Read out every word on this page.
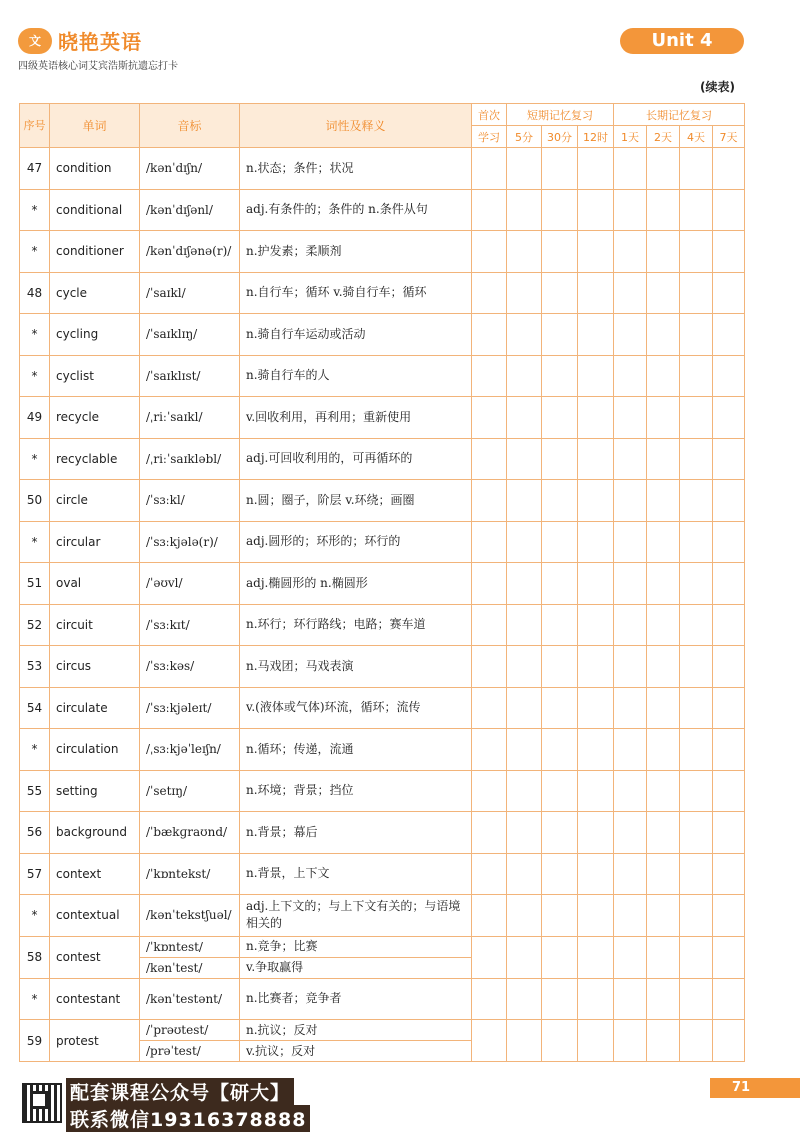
文 晓艳英语
四级英语核心词艾宾浩斯抗遗忘打卡
Unit 4
(续表)
序号	单词	音标	词性及释义	首次	短期记忆复习			长期记忆复习			
				学习	5分	30分	12时	1天	2天	4天	7天
47	condition	/kənˈdɪʃn/	n.状态；条件；状况								
*	conditional	/kənˈdɪʃənl/	adj.有条件的；条件的 n.条件从句								
*	conditioner	/kənˈdɪʃənə(r)/	n.护发素；柔顺剂								
48	cycle	/ˈsaɪkl/	n.自行车；循环 v.骑自行车；循环								
*	cycling	/ˈsaɪklɪŋ/	n.骑自行车运动或活动								
*	cyclist	/ˈsaɪklɪst/	n.骑自行车的人								
49	recycle	/ˌriːˈsaɪkl/	v.回收利用，再利用；重新使用								
*	recyclable	/ˌriːˈsaɪkləbl/	adj.可回收利用的，可再循环的								
50	circle	/ˈsɜːkl/	n.圆；圈子，阶层 v.环绕；画圈								
*	circular	/ˈsɜːkjələ(r)/	adj.圆形的；环形的；环行的								
51	oval	/ˈəʊvl/	adj.椭圆形的 n.椭圆形								
52	circuit	/ˈsɜːkɪt/	n.环行；环行路线；电路；赛车道								
53	circus	/ˈsɜːkəs/	n.马戏团；马戏表演								
54	circulate	/ˈsɜːkjəleɪt/	v.(液体或气体)环流，循环；流传								
*	circulation	/ˌsɜːkjəˈleɪʃn/	n.循环；传递，流通								
55	setting	/ˈsetɪŋ/	n.环境；背景；挡位								
56	background	/ˈbækɡraʊnd/	n.背景；幕后								
57	context	/ˈkɒntekst/	n.背景，上下文								
*	contextual	/kənˈtekstʃuəl/	adj.上下文的；与上下文有关的；与语境相关的								
58	contest	/ˈkɒntest/	n.竞争；比赛								
		/kənˈtest/	v.争取赢得								
*	contestant	/kənˈtestənt/	n.比赛者；竞争者								
59	protest	/ˈprəʊtest/	n.抗议；反对								
		/prəˈtest/	v.抗议；反对								
配套课程公众号【研大】
联系微信19316378888
71
